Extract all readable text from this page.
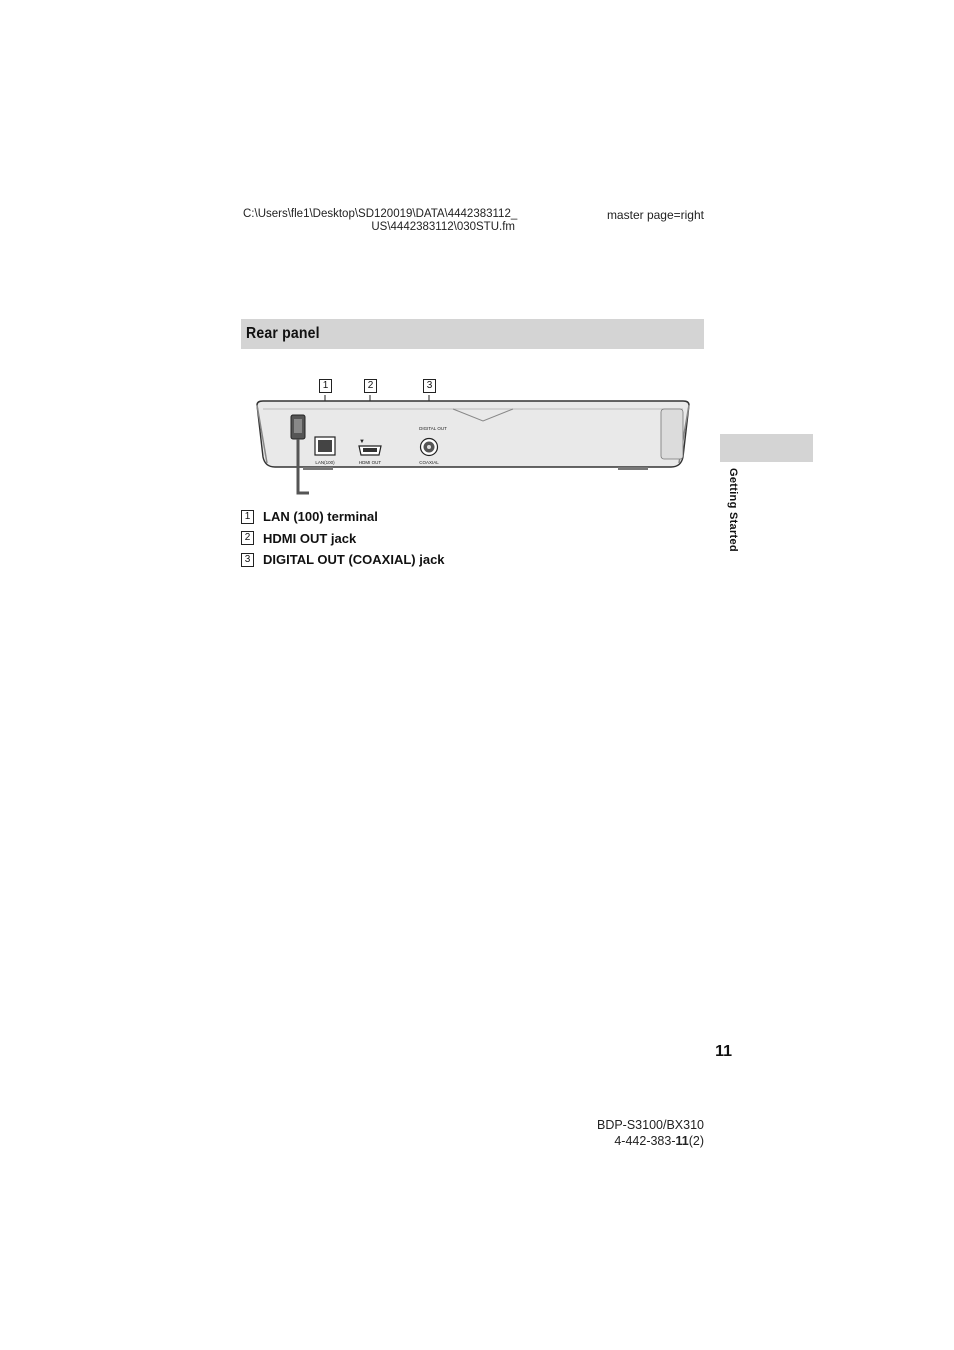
C:\Users\fle1\Desktop\SD120019\DATA\4442383112_
US\4442383112\030STU.fm
master page=right
Rear panel
Getting Started
1	2	3
LAN(100)
▼
HDMI OUT
DIGITAL OUT
COAXIAL
1 LAN (100) terminal
2 HDMI OUT jack
3 DIGITAL OUT (COAXIAL) jack
11
BDP-S3100/BX310
4-442-383-11(2)
